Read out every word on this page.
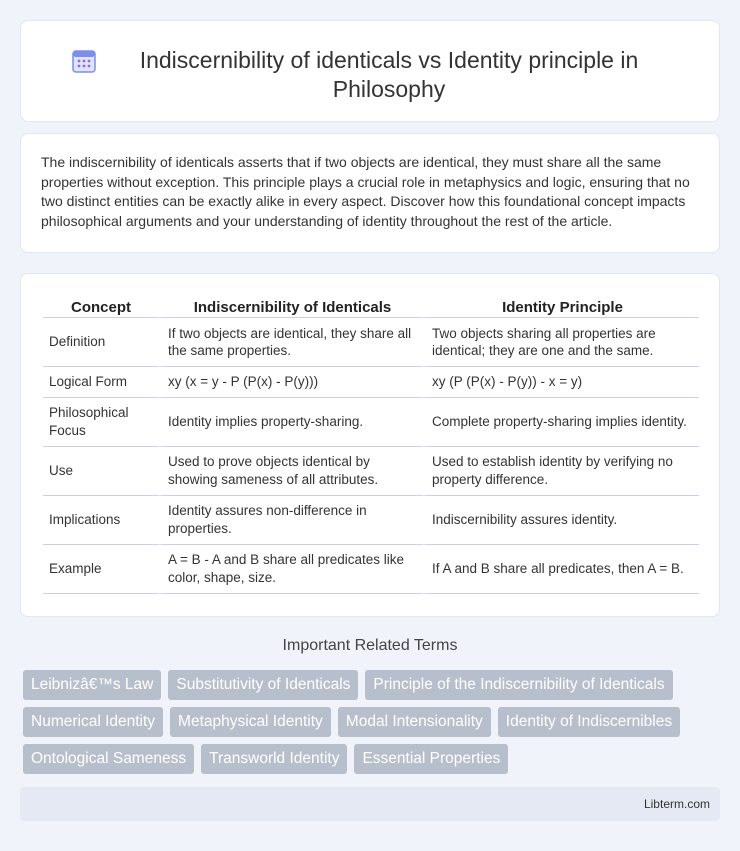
Indiscernibility of identicals vs Identity principle in Philosophy

The indiscernibility of identicals asserts that if two objects are identical, they must share all the same properties without exception. This principle plays a crucial role in metaphysics and logic, ensuring that no two distinct entities can be exactly alike in every aspect. Discover how this foundational concept impacts philosophical arguments and your understanding of identity throughout the rest of the article.

Concept	Indiscernibility of Identicals	Identity Principle
Definition	If two objects are identical, they share all the same properties.	Two objects sharing all properties are identical; they are one and the same.
Logical Form	xy (x = y - P (P(x) - P(y)))	xy (P (P(x) - P(y)) - x = y)
Philosophical Focus	Identity implies property-sharing.	Complete property-sharing implies identity.
Use	Used to prove objects identical by showing sameness of all attributes.	Used to establish identity by verifying no property difference.
Implications	Identity assures non-difference in properties.	Indiscernibility assures identity.
Example	A = B - A and B share all predicates like color, shape, size.	If A and B share all predicates, then A = B.
Important Related Terms
Leibnizâ€™s Law	Substitutivity of Identicals	Principle of the Indiscernibility of Identicals
Numerical Identity	Metaphysical Identity	Modal Intensionality	Identity of Indiscernibles
Ontological Sameness	Transworld Identity	Essential Properties
Libterm.com
